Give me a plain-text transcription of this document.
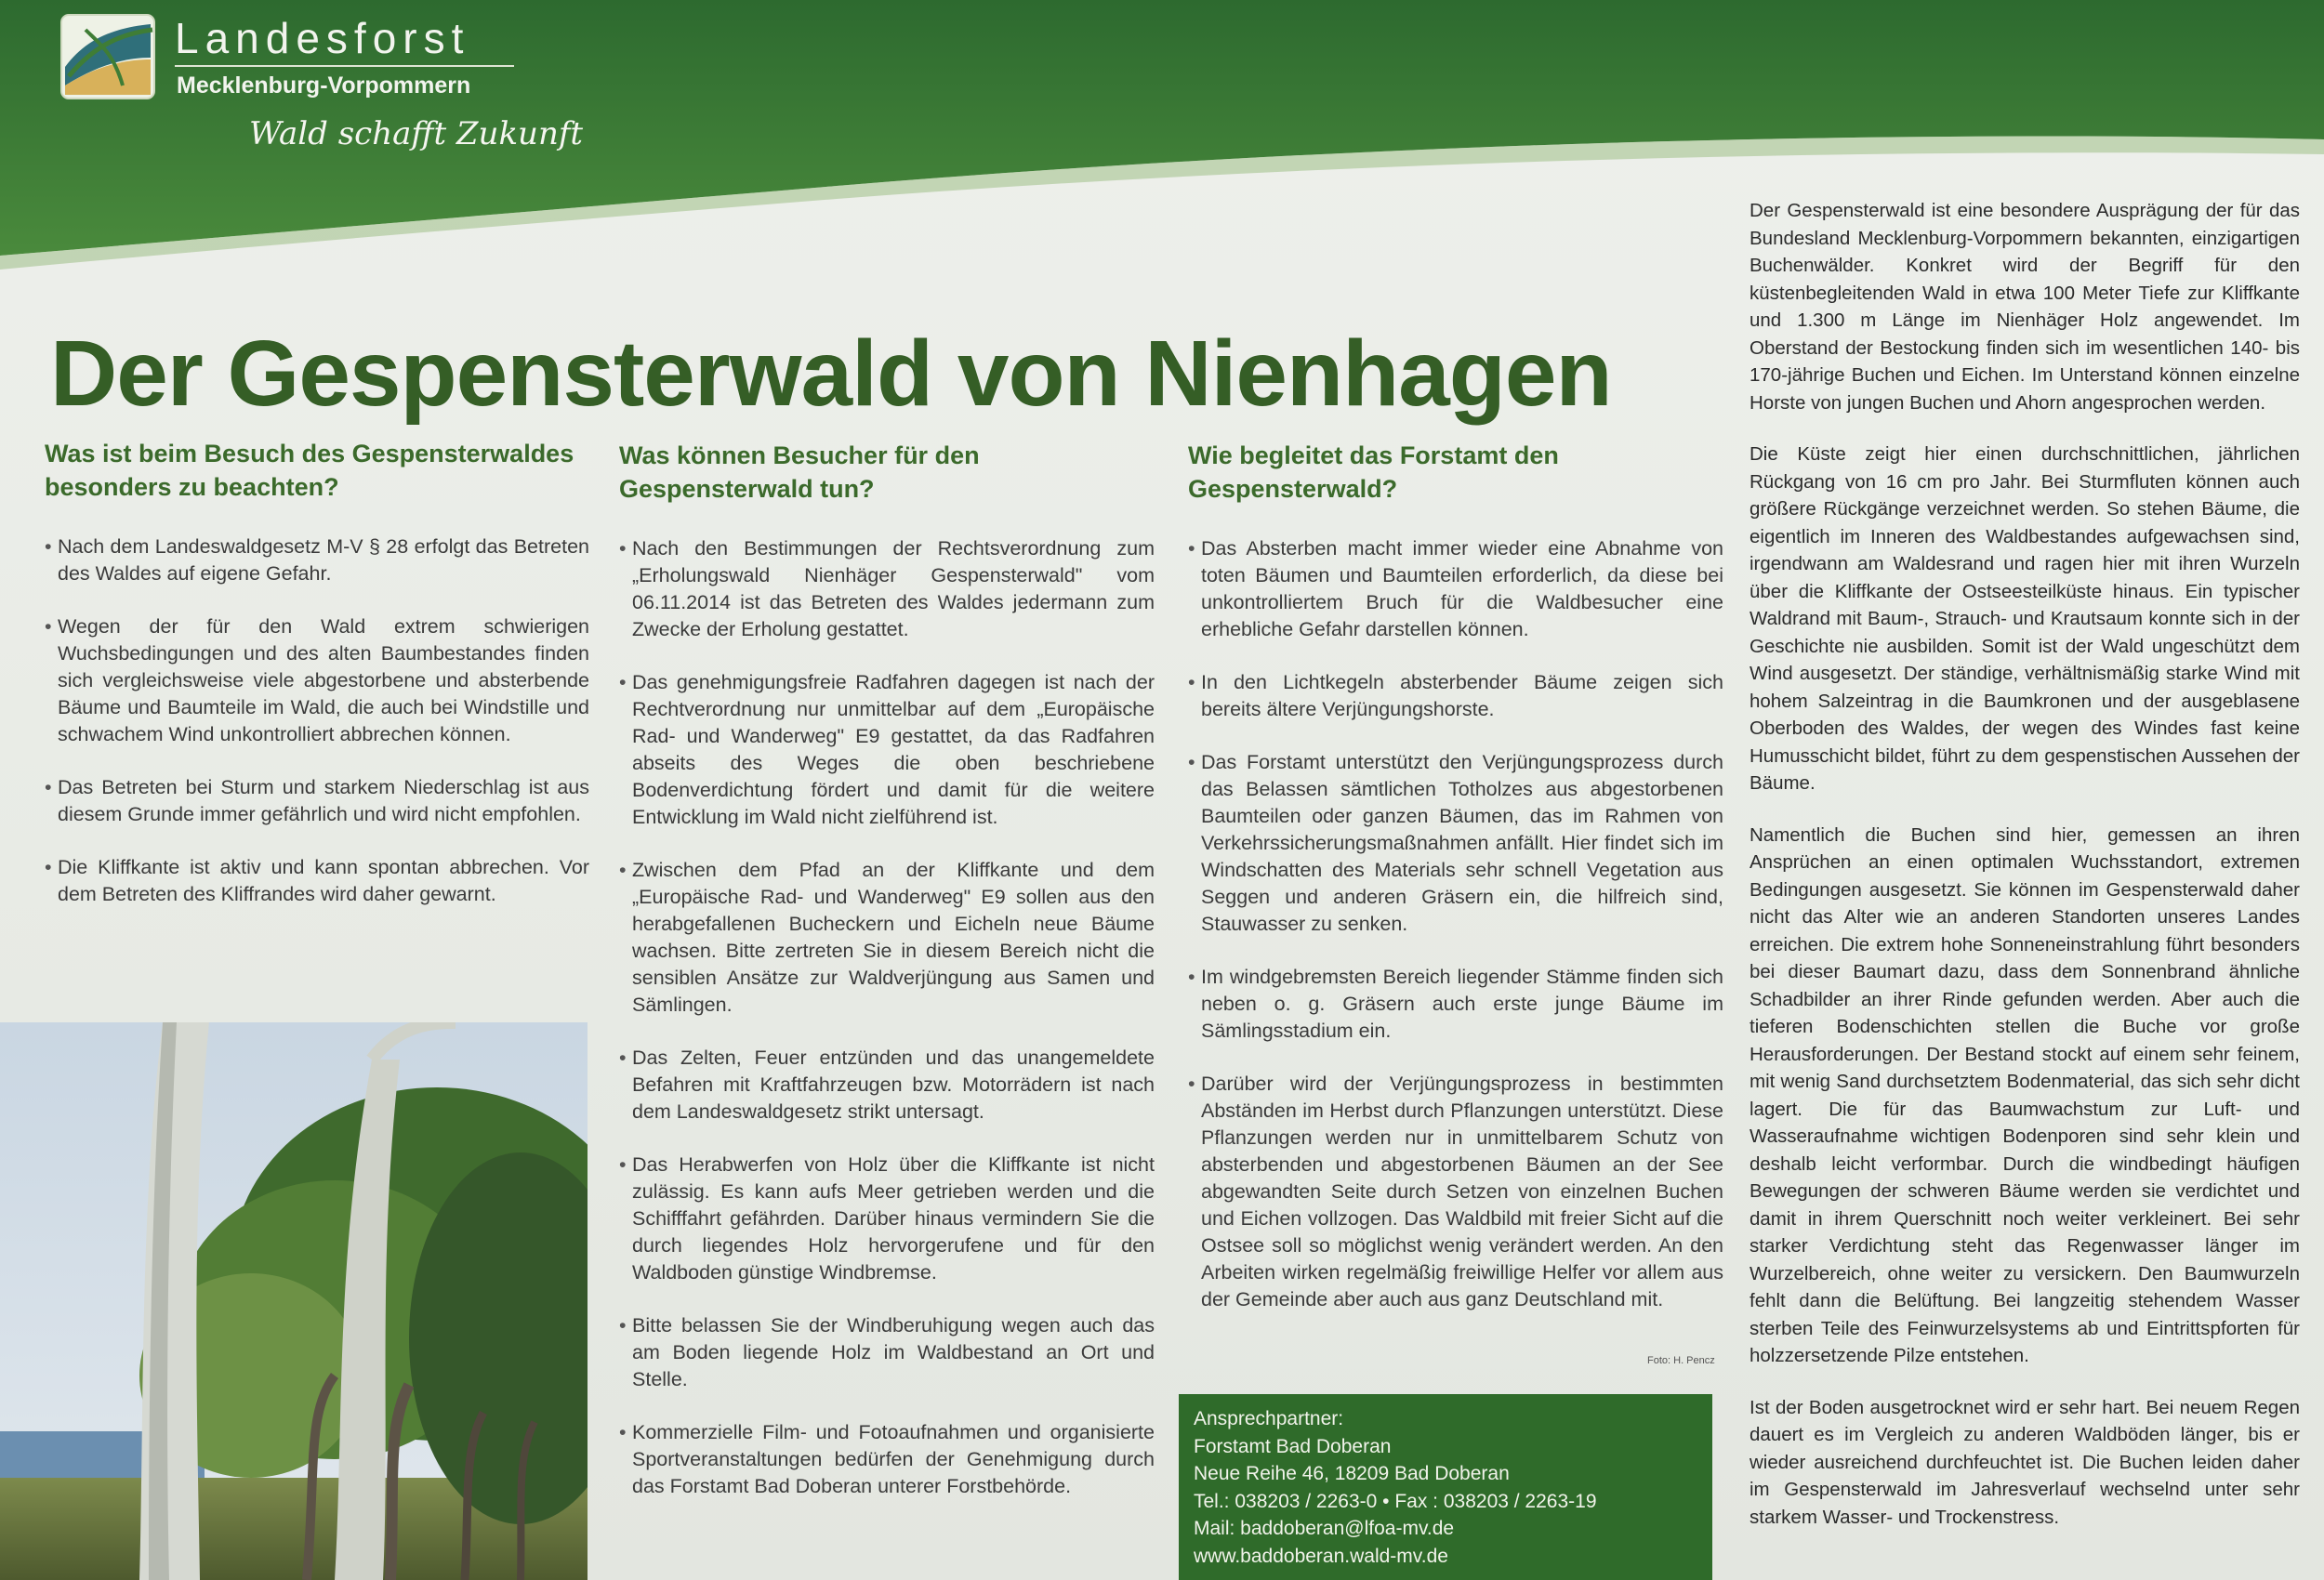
Landesforst
Mecklenburg-Vorpommern
Wald schafft Zukunft
Der Gespensterwald von Nienhagen
Was ist beim Besuch des Gespensterwaldes besonders zu beachten?

• Nach dem Landeswaldgesetz M-V § 28 erfolgt das Betreten des Waldes auf eigene Gefahr.

• Wegen der für den Wald extrem schwierigen Wuchsbedingungen und des alten Baumbestandes finden sich vergleichsweise viele abgestorbene und absterbende Bäume und Baumteile im Wald, die auch bei Windstille und schwachem Wind unkontrolliert abbrechen können.

• Das Betreten bei Sturm und starkem Niederschlag ist aus diesem Grunde immer gefährlich und wird nicht empfohlen.

• Die Kliffkante ist aktiv und kann spontan abbrechen. Vor dem Betreten des Kliffrandes wird daher gewarnt.

Was können Besucher für den Gespensterwald tun?

• Nach den Bestimmungen der Rechtsverordnung zum „Erholungswald Nienhäger Gespensterwald" vom 06.11.2014 ist das Betreten des Waldes jedermann zum Zwecke der Erholung gestattet.

• Das genehmigungsfreie Radfahren dagegen ist nach der Rechtverordnung nur unmittelbar auf dem „Europäische Rad- und Wanderweg" E9 gestattet, da das Radfahren abseits des Weges die oben beschriebene Bodenverdichtung fördert und damit für die weitere Entwicklung im Wald nicht zielführend ist.

• Zwischen dem Pfad an der Kliffkante und dem „Europäische Rad- und Wanderweg" E9 sollen aus den herabgefallenen Bucheckern und Eicheln neue Bäume wachsen. Bitte zertreten Sie in diesem Bereich nicht die sensiblen Ansätze zur Waldverjüngung aus Samen und Sämlingen.

• Das Zelten, Feuer entzünden und das unangemeldete Befahren mit Kraftfahrzeugen bzw. Motorrädern ist nach dem Landeswaldgesetz strikt untersagt.

• Das Herabwerfen von Holz über die Kliffkante ist nicht zulässig. Es kann aufs Meer getrieben werden und die Schifffahrt gefährden. Darüber hinaus vermindern Sie die durch liegendes Holz hervorgerufene und für den Waldboden günstige Windbremse.

• Bitte belassen Sie der Windberuhigung wegen auch das am Boden liegende Holz im Waldbestand an Ort und Stelle.

• Kommerzielle Film- und Fotoaufnahmen und organisierte Sportveranstaltungen bedürfen der Genehmigung durch das Forstamt Bad Doberan unterer Forstbehörde.

Wie begleitet das Forstamt den Gespensterwald?

• Das Absterben macht immer wieder eine Abnahme von toten Bäumen und Baumteilen erforderlich, da diese bei unkontrolliertem Bruch für die Waldbesucher eine erhebliche Gefahr darstellen können.

• In den Lichtkegeln absterbender Bäume zeigen sich bereits ältere Verjüngungshorste.

• Das Forstamt unterstützt den Verjüngungsprozess durch das Belassen sämtlichen Totholzes aus abgestorbenen Baumteilen oder ganzen Bäumen, das im Rahmen von Verkehrssicherungsmaßnahmen anfällt. Hier findet sich im Windschatten des Materials sehr schnell Vegetation aus Seggen und anderen Gräsern ein, die hilfreich sind, Stauwasser zu senken.

• Im windgebremsten Bereich liegender Stämme finden sich neben o. g. Gräsern auch erste junge Bäume im Sämlingsstadium ein.

• Darüber wird der Verjüngungsprozess in bestimmten Abständen im Herbst durch Pflanzungen unterstützt. Diese Pflanzungen werden nur in unmittelbarem Schutz von absterbenden und abgestorbenen Bäumen an der See abgewandten Seite durch Setzen von einzelnen Buchen und Eichen vollzogen. Das Waldbild mit freier Sicht auf die Ostsee soll so möglichst wenig verändert werden. An den Arbeiten wirken regelmäßig freiwillige Helfer vor allem aus der Gemeinde aber auch aus ganz Deutschland mit.

Der Gespensterwald ist eine besondere Ausprägung der für das Bundesland Mecklenburg-Vorpommern bekannten, einzigartigen Buchenwälder. Konkret wird der Begriff für den küstenbegleitenden Wald in etwa 100 Meter Tiefe zur Kliffkante und 1.300 m Länge im Nienhäger Holz angewendet. Im Oberstand der Bestockung finden sich im wesentlichen 140- bis 170-jährige Buchen und Eichen. Im Unterstand können einzelne Horste von jungen Buchen und Ahorn angesprochen werden.

Die Küste zeigt hier einen durchschnittlichen, jährlichen Rückgang von 16 cm pro Jahr. Bei Sturmfluten können auch größere Rückgänge verzeichnet werden. So stehen Bäume, die eigentlich im Inneren des Waldbestandes aufgewachsen sind, irgendwann am Waldesrand und ragen hier mit ihren Wurzeln über die Kliffkante der Ostseesteilküste hinaus. Ein typischer Waldrand mit Baum-, Strauch- und Krautsaum konnte sich in der Geschichte nie ausbilden. Somit ist der Wald ungeschützt dem Wind ausgesetzt. Der ständige, verhältnismäßig starke Wind mit hohem Salzeintrag in die Baumkronen und der ausgeblasene Oberboden des Waldes, der wegen des Windes fast keine Humusschicht bildet, führt zu dem gespenstischen Aussehen der Bäume.

Namentlich die Buchen sind hier, gemessen an ihren Ansprüchen an einen optimalen Wuchsstandort, extremen Bedingungen ausgesetzt. Sie können im Gespensterwald daher nicht das Alter wie an anderen Standorten unseres Landes erreichen. Die extrem hohe Sonneneinstrahlung führt besonders bei dieser Baumart dazu, dass dem Sonnenbrand ähnliche Schadbilder an ihrer Rinde gefunden werden. Aber auch die tieferen Bodenschichten stellen die Buche vor große Herausforderungen. Der Bestand stockt auf einem sehr feinem, mit wenig Sand durchsetztem Bodenmaterial, das sich sehr dicht lagert. Die für das Baumwachstum zur Luft- und Wasseraufnahme wichtigen Bodenporen sind sehr klein und deshalb leicht verformbar. Durch die windbedingt häufigen Bewegungen der schweren Bäume werden sie verdichtet und damit in ihrem Querschnitt noch weiter verkleinert. Bei sehr starker Verdichtung steht das Regenwasser länger im Wurzelbereich, ohne weiter zu versickern. Den Baumwurzeln fehlt dann die Belüftung. Bei langzeitig stehendem Wasser sterben Teile des Feinwurzelsystems ab und Eintrittspforten für holzzersetzende Pilze entstehen.

Ist der Boden ausgetrocknet wird er sehr hart. Bei neuem Regen dauert es im Vergleich zu anderen Waldböden länger, bis er wieder ausreichend durchfeuchtet ist. Die Buchen leiden daher im Gespensterwald im Jahresverlauf wechselnd unter sehr starkem Wasser- und Trockenstress.

Foto: H. Pencz
Ansprechpartner:
Forstamt Bad Doberan
Neue Reihe 46, 18209 Bad Doberan
Tel.: 038203 / 2263-0 • Fax : 038203 / 2263-19
Mail: baddoberan@lfoa-mv.de
www.baddoberan.wald-mv.de
